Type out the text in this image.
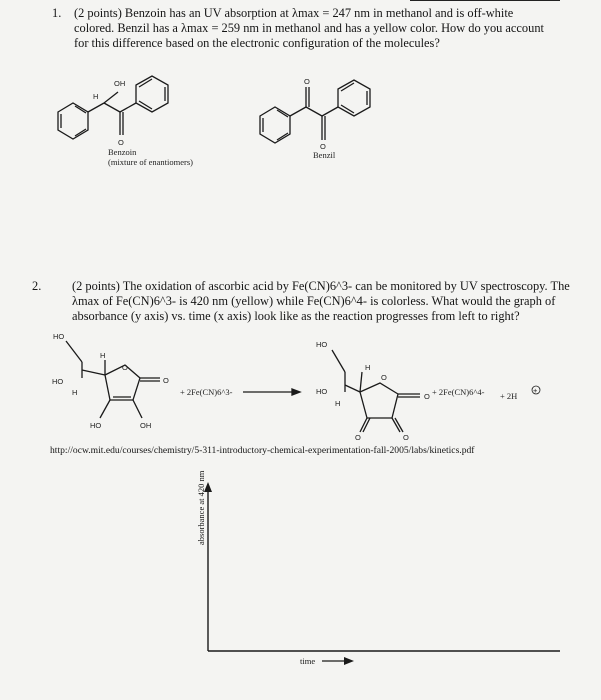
1. (2 points) Benzoin has an UV absorption at λmax = 247 nm in methanol and is off-white
colored. Benzil has a λmax = 259 nm in methanol and has a yellow color. How do you account
for this difference based on the electronic configuration of the molecules?
2. (2 points) The oxidation of ascorbic acid by Fe(CN)6^3- can be monitored by UV spectroscopy. The
λmax of Fe(CN)6^3- is 420 nm (yellow) while Fe(CN)6^4- is colorless. What would the graph of
absorbance (y axis) vs. time (x axis) look like as the reaction progresses from left to right?
OH
H
O
O
O
Benzoin
(mixture of enantiomers)
Benzil
HO
HO
H
H
O
O
HO	OH
+ 2Fe(CN)6^3-
HO
HO
H
H
O
O
O	O
+ 2Fe(CN)6^4- + 2H
+
http://ocw.mit.edu/courses/chemistry/5-311-introductory-chemical-experimentation-fall-2005/labs/kinetics.pdf
absorbance at 420 nm
time
